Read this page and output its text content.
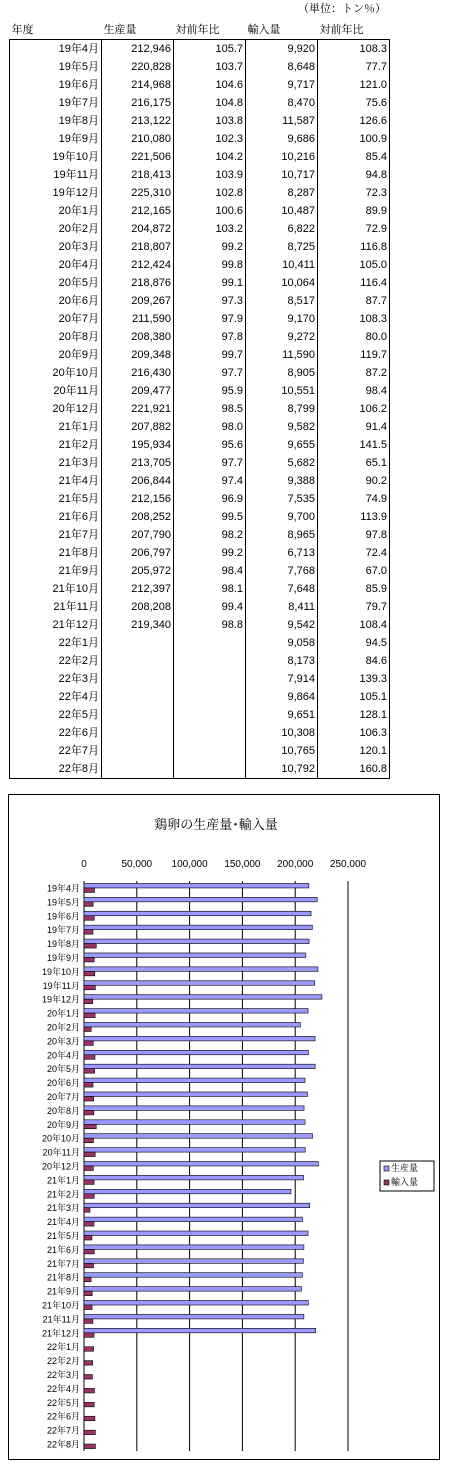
（単位：トン％）
年度	生産量	対前年比	輸入量	対前年比
19年4月	212,946	105.7	9,920	108.3
19年5月	220,828	103.7	8,648	77.7
19年6月	214,968	104.6	9,717	121.0
19年7月	216,175	104.8	8,470	75.6
19年8月	213,122	103.8	11,587	126.6
19年9月	210,080	102.3	9,686	100.9
19年10月	221,506	104.2	10,216	85.4
19年11月	218,413	103.9	10,717	94.8
19年12月	225,310	102.8	8,287	72.3
20年1月	212,165	100.6	10,487	89.9
20年2月	204,872	103.2	6,822	72.9
20年3月	218,807	99.2	8,725	116.8
20年4月	212,424	99.8	10,411	105.0
20年5月	218,876	99.1	10,064	116.4
20年6月	209,267	97.3	8,517	87.7
20年7月	211,590	97.9	9,170	108.3
20年8月	208,380	97.8	9,272	80.0
20年9月	209,348	99.7	11,590	119.7
20年10月	216,430	97.7	8,905	87.2
20年11月	209,477	95.9	10,551	98.4
20年12月	221,921	98.5	8,799	106.2
21年1月	207,882	98.0	9,582	91.4
21年2月	195,934	95.6	9,655	141.5
21年3月	213,705	97.7	5,682	65.1
21年4月	206,844	97.4	9,388	90.2
21年5月	212,156	96.9	7,535	74.9
21年6月	208,252	99.5	9,700	113.9
21年7月	207,790	98.2	8,965	97.8
21年8月	206,797	99.2	6,713	72.4
21年9月	205,972	98.4	7,768	67.0
21年10月	212,397	98.1	7,648	85.9
21年11月	208,208	99.4	8,411	79.7
21年12月	219,340	98.8	9,542	108.4
22年1月			9,058	94.5
22年2月			8,173	84.6
22年3月			7,914	139.3
22年4月			9,864	105.1
22年5月			9,651	128.1
22年6月			10,308	106.3
22年7月			10,765	120.1
22年8月			10,792	160.8
鶏卵の生産量･輸入量
0	50,000 100,000 150,000 200,000 250,000
19年4月
19年5月
19年6月
19年7月
19年8月
19年9月
19年10月
19年11月
19年12月
20年1月
20年2月
20年3月
20年4月
20年5月
20年6月
20年7月
20年8月
20年9月
20年10月
20年11月
20年12月
21年1月
21年2月
21年3月
21年4月
21年5月
21年6月
21年7月
21年8月
21年9月
21年10月
21年11月
21年12月
22年1月
22年2月
22年3月
22年4月
22年5月
22年6月
22年7月
22年8月
生産量
輸入量
